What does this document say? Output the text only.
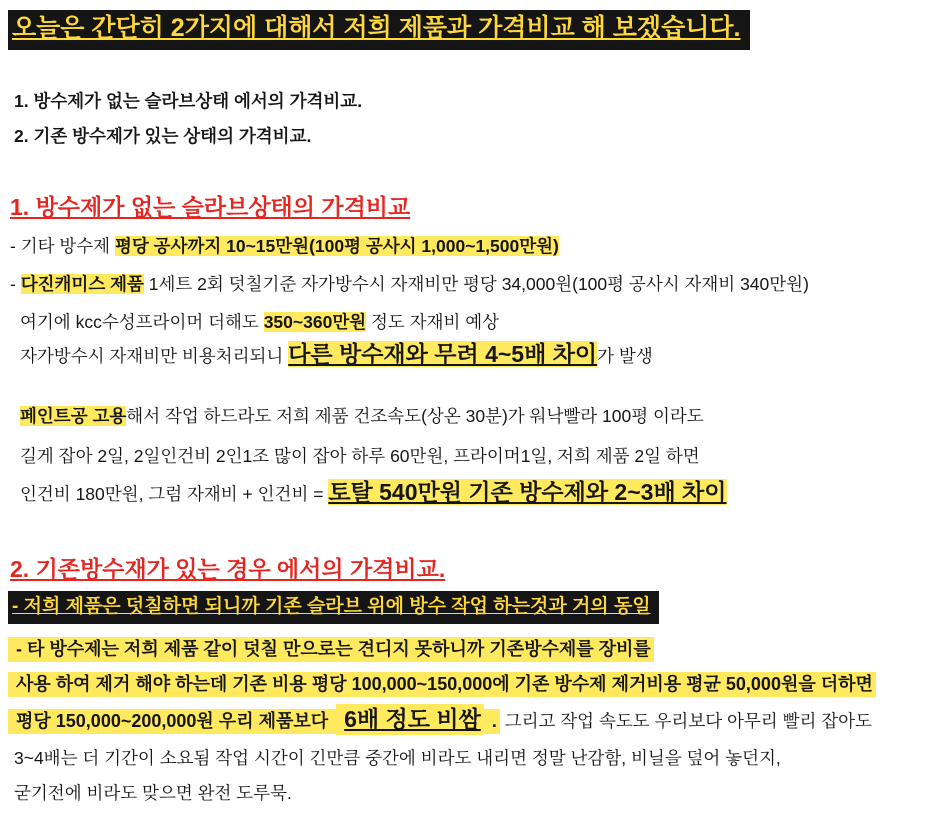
오늘은 간단히 2가지에 대해서 저희 제품과 가격비교 해 보겠습니다.

1. 방수제가 없는 슬라브상태 에서의 가격비교.

2. 기존 방수제가 있는 상태의 가격비교.

1. 방수제가 없는 슬라브상태의 가격비교

- 기타 방수제 평당 공사까지 10~15만원(100평 공사시 1,000~1,500만원)

- 다진캐미스 제품 1세트 2회 덧칠기준 자가방수시 자재비만 평당 34,000원(100평 공사시 자재비 340만원)

여기에 kcc수성프라이머 더해도 350~360만원 정도 자재비 예상

자가방수시 자재비만 비용처리되니 다른 방수재와 무려 4~5배 차이가 발생

페인트공 고용해서 작업 하드라도 저희 제품 건조속도(상온 30분)가 워낙빨라 100평 이라도

길게 잡아 2일, 2일인건비 2인1조 많이 잡아 하루 60만원, 프라이머1일, 저희 제품 2일 하면

인건비 180만원, 그럼 자재비 + 인건비 = 토탈 540만원 기존 방수제와 2~3배 차이

2. 기존방수재가 있는 경우 에서의 가격비교.
- 저희 제품은 덧칠하면 되니까 기존 슬라브 위에 방수 작업 하는것과 거의 동일

- 타 방수제는 저희 제품 같이 덧칠 만으로는 견디지 못하니까 기존방수제를 장비를

사용 하여 제거 해야 하는데 기존 비용 평당 100,000~150,000에 기존 방수제 제거비용 평균 50,000원을 더하면

평당 150,000~200,000원 우리 제품보다 6배 정도 비쌈 . 그리고 작업 속도도 우리보다 아무리 빨리 잡아도

3~4배는 더 기간이 소요됨 작업 시간이 긴만큼 중간에 비라도 내리면 정말 난감함, 비닐을 덮어 놓던지,

굳기전에 비라도 맞으면 완전 도루묵.
